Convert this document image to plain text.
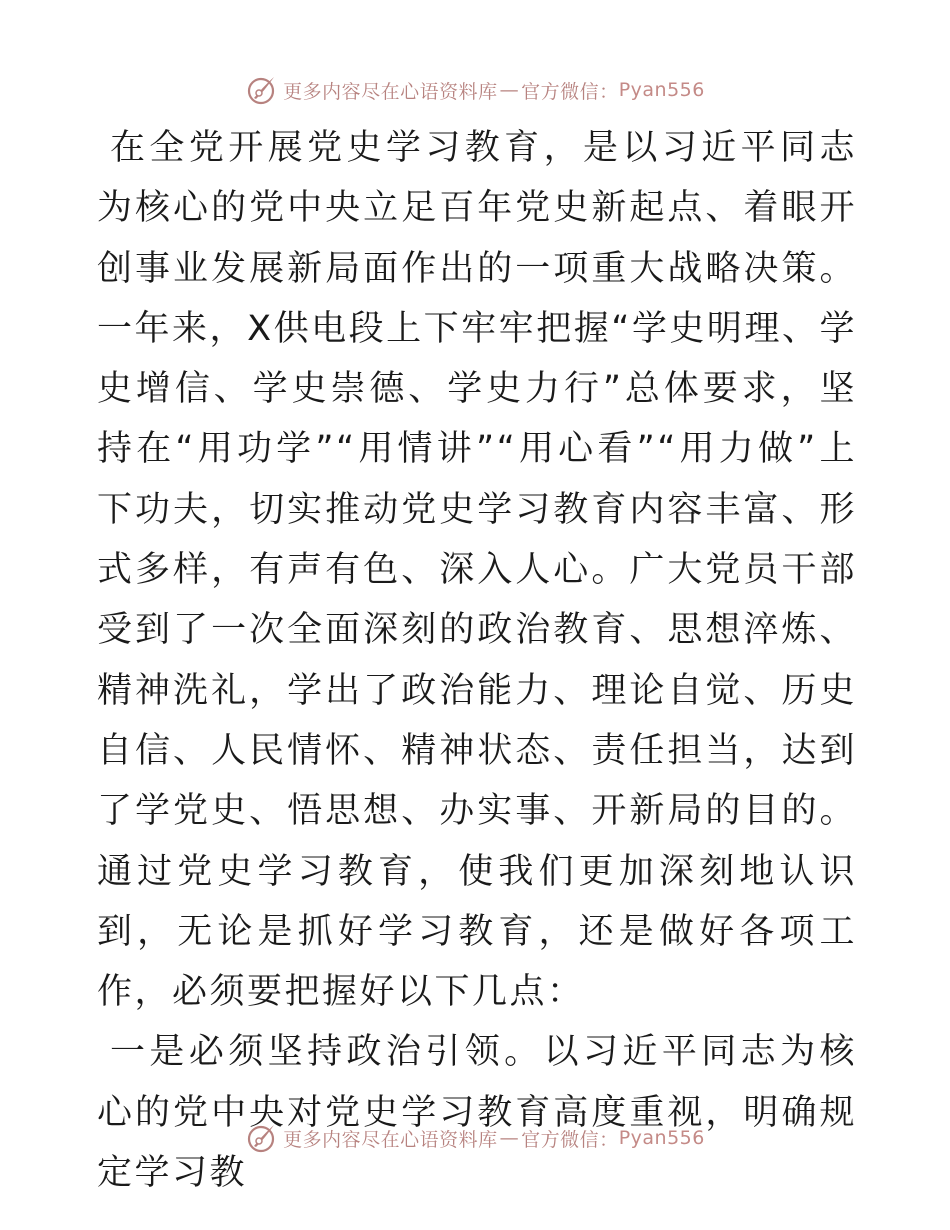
更多内容尽在心语资料库 — 官方微信： Pyan556

在全党开展党史学习教育，是以习近平同志为核心的党中央立足百年党史新起点、着眼开创事业发展新局面作出的一项重大战略决策。一年来，X供电段上下牢牢把握“学史明理、学史增信、学史崇德、学史力行”总体要求，坚持在“用功学”“用情讲”“用心看”“用力做”上下功夫，切实推动党史学习教育内容丰富、形式多样，有声有色、深入人心。广大党员干部受到了一次全面深刻的政治教育、思想淬炼、精神洗礼，学出了政治能力、理论自觉、历史自信、人民情怀、精神状态、责任担当，达到了学党史、悟思想、办实事、开新局的目的。通过党史学习教育，使我们更加深刻地认识到，无论是抓好学习教育，还是做好各项工作，必须要把握好以下几点：

一是必须坚持政治引领。以习近平同志为核心的党中央对党史学习教育高度重视，明确规定学习教

更多内容尽在心语资料库 — 官方微信： Pyan556
